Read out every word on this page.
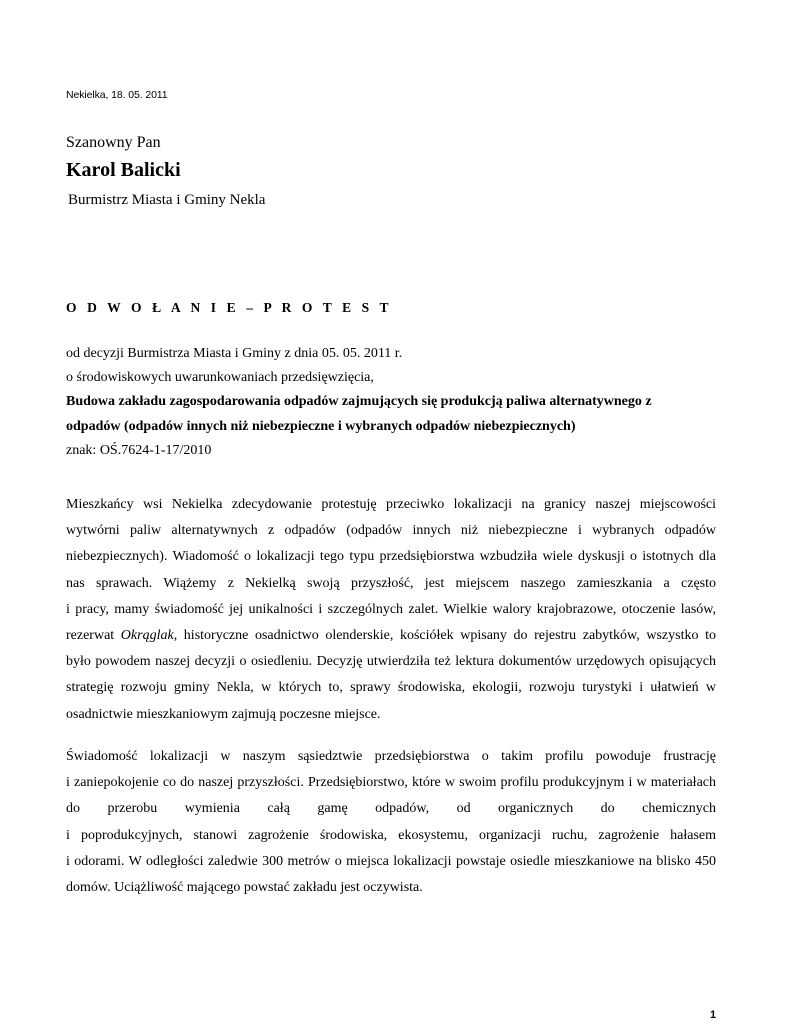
Nekielka, 18. 05. 2011
Szanowny Pan
Karol Balicki
Burmistrz Miasta i Gminy Nekla
O D W O Ł A N I E – P R O T E S T
od decyzji Burmistrza Miasta i Gminy z dnia 05. 05. 2011 r.
o środowiskowych uwarunkowaniach przedsięwzięcia,
Budowa zakładu zagospodarowania odpadów zajmujących się produkcją paliwa alternatywnego z
odpadów (odpadów innych niż niebezpieczne i wybranych odpadów niebezpiecznych)
znak: OŚ.7624-1-17/2010
Mieszkańcy wsi Nekielka zdecydowanie protestuję przeciwko lokalizacji na granicy naszej miejscowości
wytwórni paliw alternatywnych z odpadów (odpadów innych niż niebezpieczne i wybranych odpadów
niebezpiecznych). Wiadomość o lokalizacji tego typu przedsiębiorstwa wzbudziła wiele dyskusji o istotnych dla
nas sprawach. Wiążemy z Nekielką swoją przyszłość, jest miejscem naszego zamieszkania a często
i pracy, mamy świadomość jej unikalności i szczególnych zalet. Wielkie walory krajobrazowe, otoczenie lasów,
rezerwat Okrąglak, historyczne osadnictwo olenderskie, kościółek wpisany do rejestru zabytków, wszystko to
było powodem naszej decyzji o osiedleniu. Decyzję utwierdziła też lektura dokumentów urzędowych opisujących
strategię rozwoju gminy Nekla, w których to, sprawy środowiska, ekologii, rozwoju turystyki i ułatwień w
osadnictwie mieszkaniowym zajmują poczesne miejsce.
Świadomość lokalizacji w naszym sąsiedztwie przedsiębiorstwa o takim profilu powoduje frustrację
i zaniepokojenie co do naszej przyszłości. Przedsiębiorstwo, które w swoim profilu produkcyjnym i w materiałach
do przerobu wymienia całą gamę odpadów, od organicznych do chemicznych
i poprodukcyjnych, stanowi zagrożenie środowiska, ekosystemu, organizacji ruchu, zagrożenie hałasem
i odorami. W odległości zaledwie 300 metrów o miejsca lokalizacji powstaje osiedle mieszkaniowe na blisko 450
domów. Uciążliwość mającego powstać zakładu jest oczywista.
1
